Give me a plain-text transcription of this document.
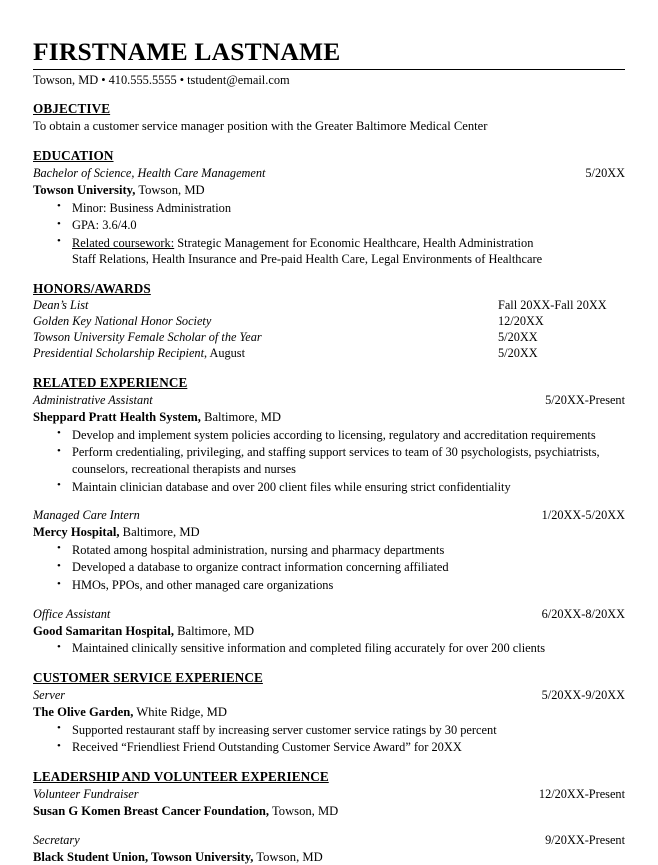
FIRSTNAME LASTNAME

Towson, MD • 410.555.5555 • tstudent@email.com

OBJECTIVE

To obtain a customer service manager position with the Greater Baltimore Medical Center

EDUCATION
Bachelor of Science, Health Care Management	5/20XX
Towson University, Towson, MD
• Minor: Business Administration
• GPA: 3.6/4.0
• Related coursework: Strategic Management for Economic Healthcare, Health Administration
Staff Relations, Health Insurance and Pre-paid Health Care, Legal Environments of Healthcare
HONORS/AWARDS
Dean’s List	Fall 20XX-Fall 20XX
Golden Key National Honor Society	12/20XX
Towson University Female Scholar of the Year	5/20XX
Presidential Scholarship Recipient, August	5/20XX
RELATED EXPERIENCE
Administrative Assistant	5/20XX-Present
Sheppard Pratt Health System, Baltimore, MD
• Develop and implement system policies according to licensing, regulatory and accreditation requirements
• Perform credentialing, privileging, and staffing support services to team of 30 psychologists, psychiatrists, counselors, recreational therapists and nurses
• Maintain clinician database and over 200 client files while ensuring strict confidentiality
Managed Care Intern	1/20XX-5/20XX
Mercy Hospital, Baltimore, MD
• Rotated among hospital administration, nursing and pharmacy departments
• Developed a database to organize contract information concerning affiliated
• HMOs, PPOs, and other managed care organizations
Office Assistant	6/20XX-8/20XX
Good Samaritan Hospital, Baltimore, MD
• Maintained clinically sensitive information and completed filing accurately for over 200 clients
CUSTOMER SERVICE EXPERIENCE
Server	5/20XX-9/20XX
The Olive Garden, White Ridge, MD
• Supported restaurant staff by increasing server customer service ratings by 30 percent
• Received “Friendliest Friend Outstanding Customer Service Award” for 20XX
LEADERSHIP AND VOLUNTEER EXPERIENCE
Volunteer Fundraiser	12/20XX-Present
Susan G Komen Breast Cancer Foundation, Towson, MD
Secretary	9/20XX-Present
Black Student Union, Towson University, Towson, MD
